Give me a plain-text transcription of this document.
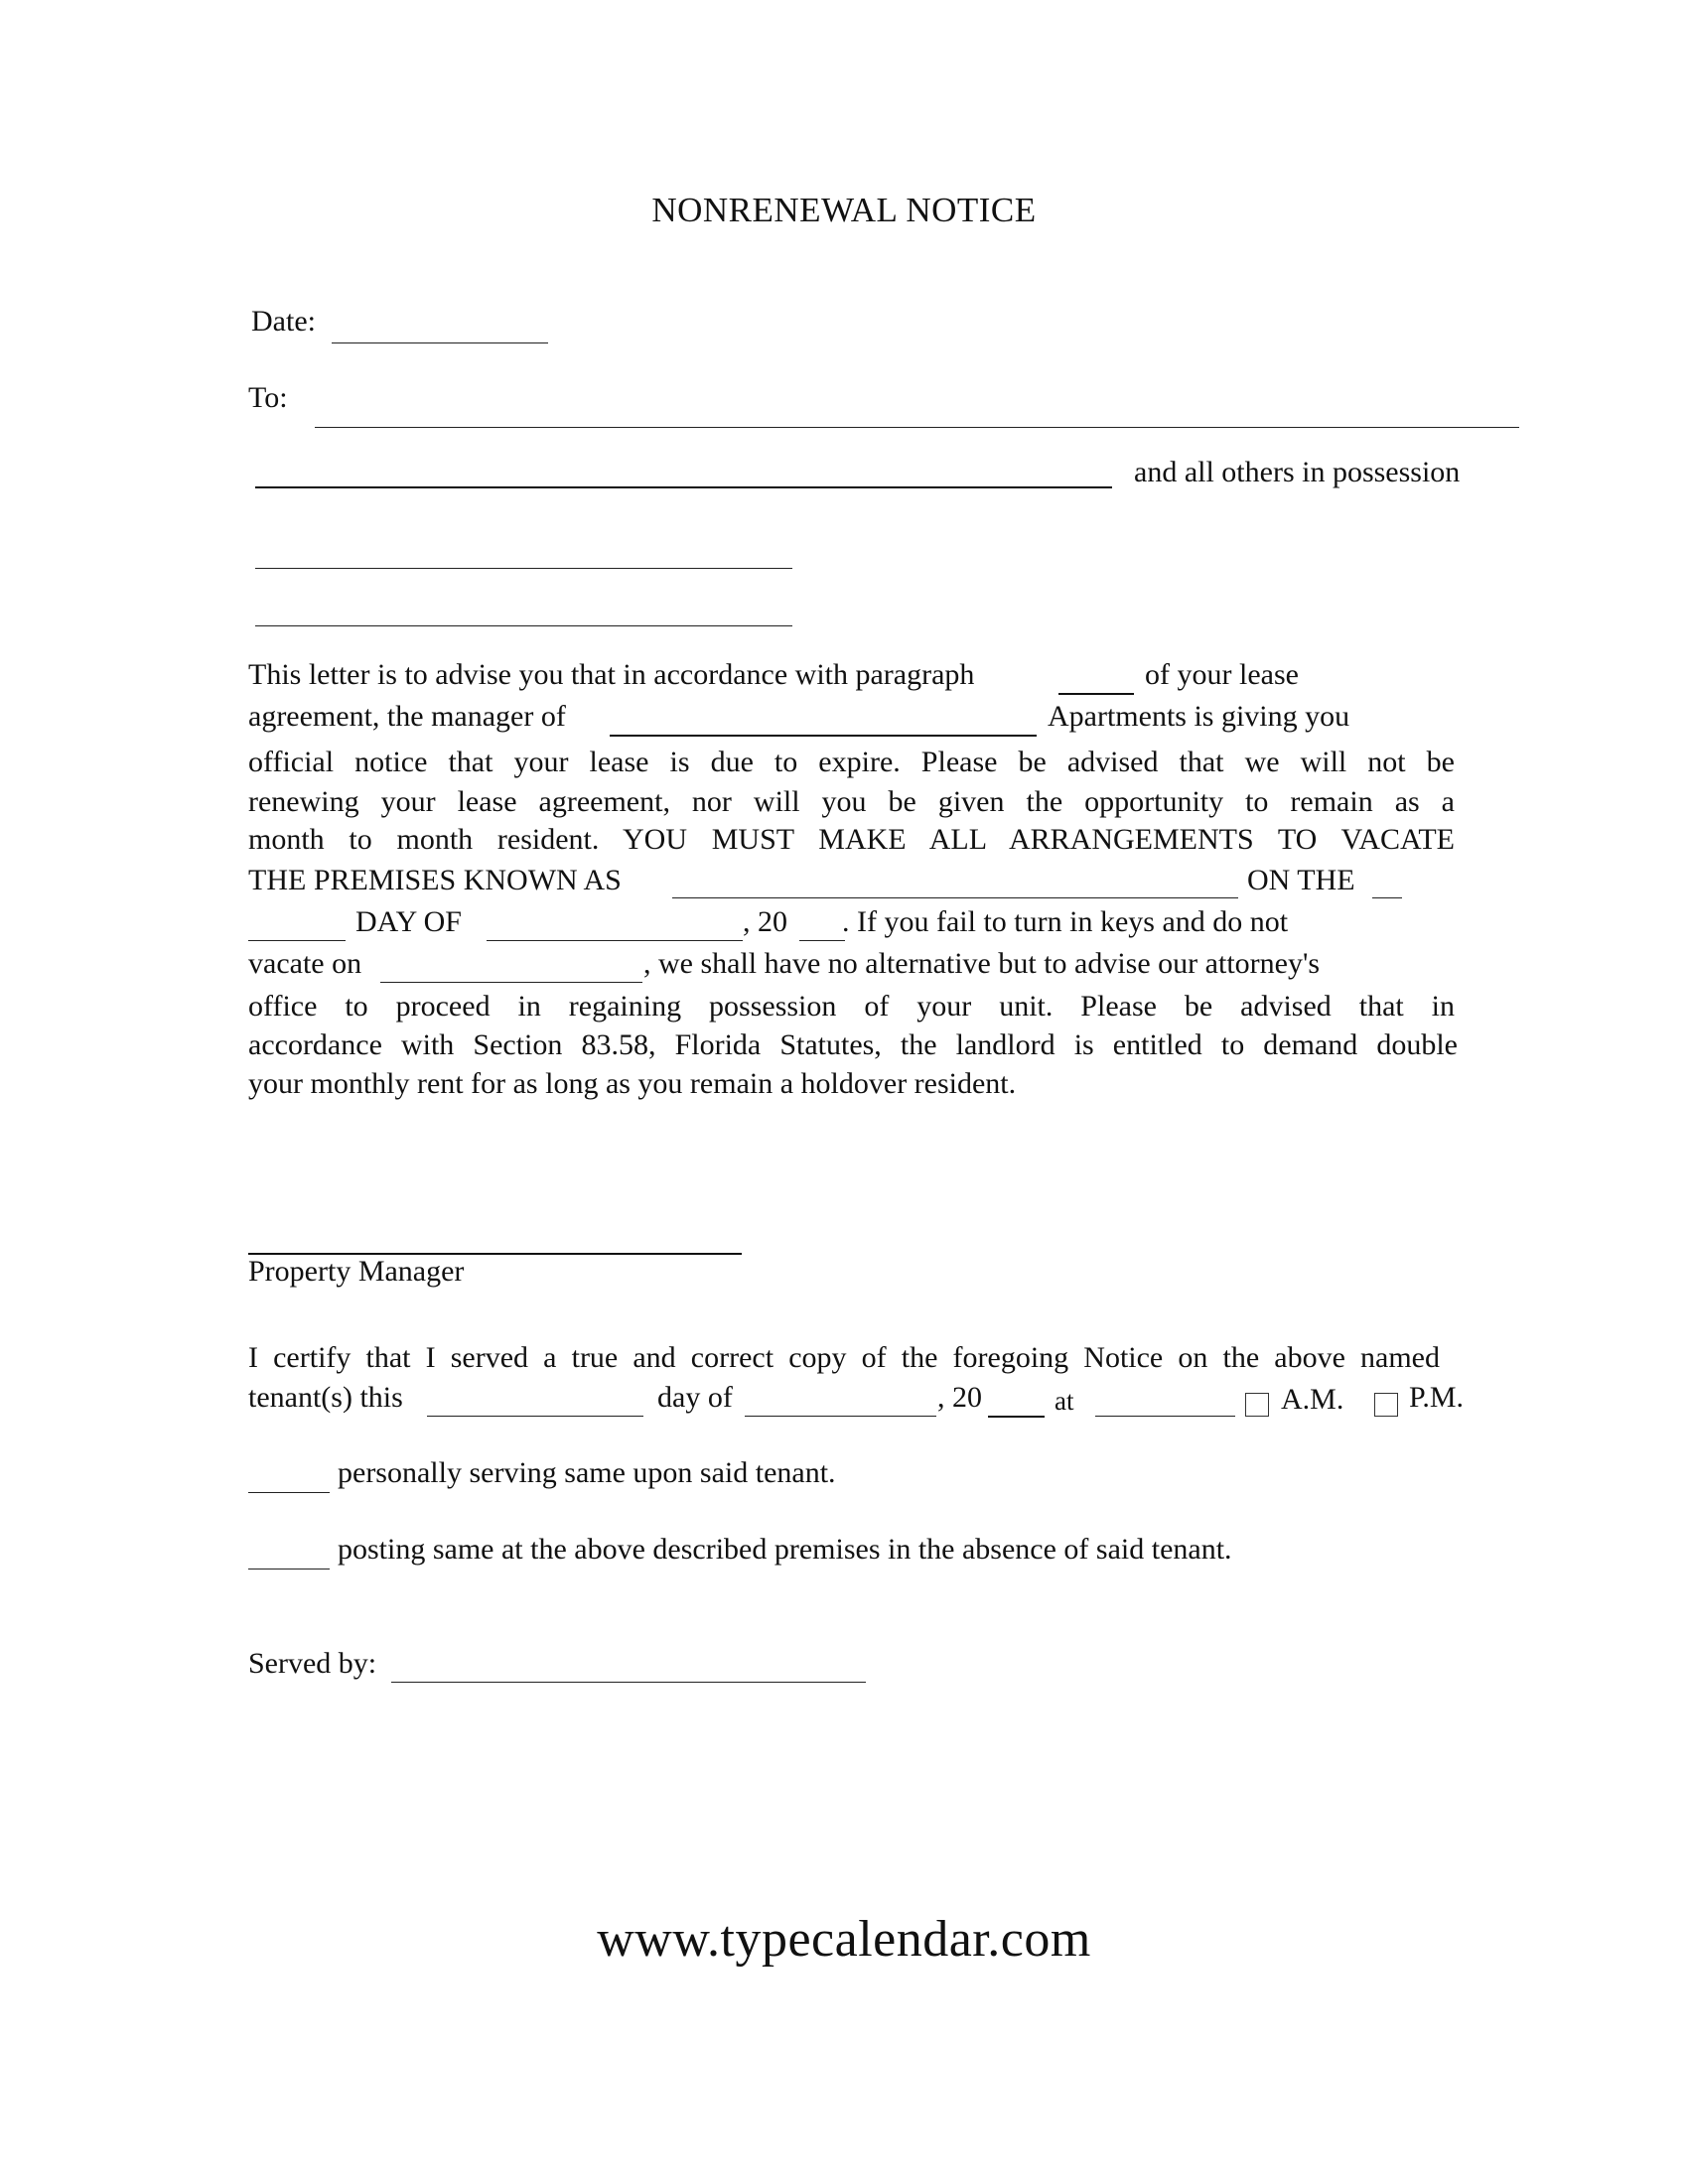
NONRENEWAL NOTICE
Date:
To:
and all others in possession
This letter is to advise you that in accordance with paragraph	of your lease
agreement, the manager of	Apartments is giving you
official notice that your lease is due to expire. Please be advised that we will not be
renewing your lease agreement, nor will you be given the opportunity to remain as a
month to month resident. YOU MUST MAKE ALL ARRANGEMENTS TO VACATE
THE PREMISES KNOWN AS	ON THE
DAY OF	, 20 . If you fail to turn in keys and do not
vacate on	, we shall have no alternative but to advise our attorney's
office to proceed in regaining possession of your unit. Please be advised that in
accordance with Section 83.58, Florida Statutes, the landlord is entitled to demand double
your monthly rent for as long as you remain a holdover resident.
Property Manager
I certify that I served a true and correct copy of the foregoing Notice on the above named
tenant(s) this	day of	, 20	at	A.M. P.M.
personally serving same upon said tenant.
posting same at the above described premises in the absence of said tenant.
Served by:
www.typecalendar.com
